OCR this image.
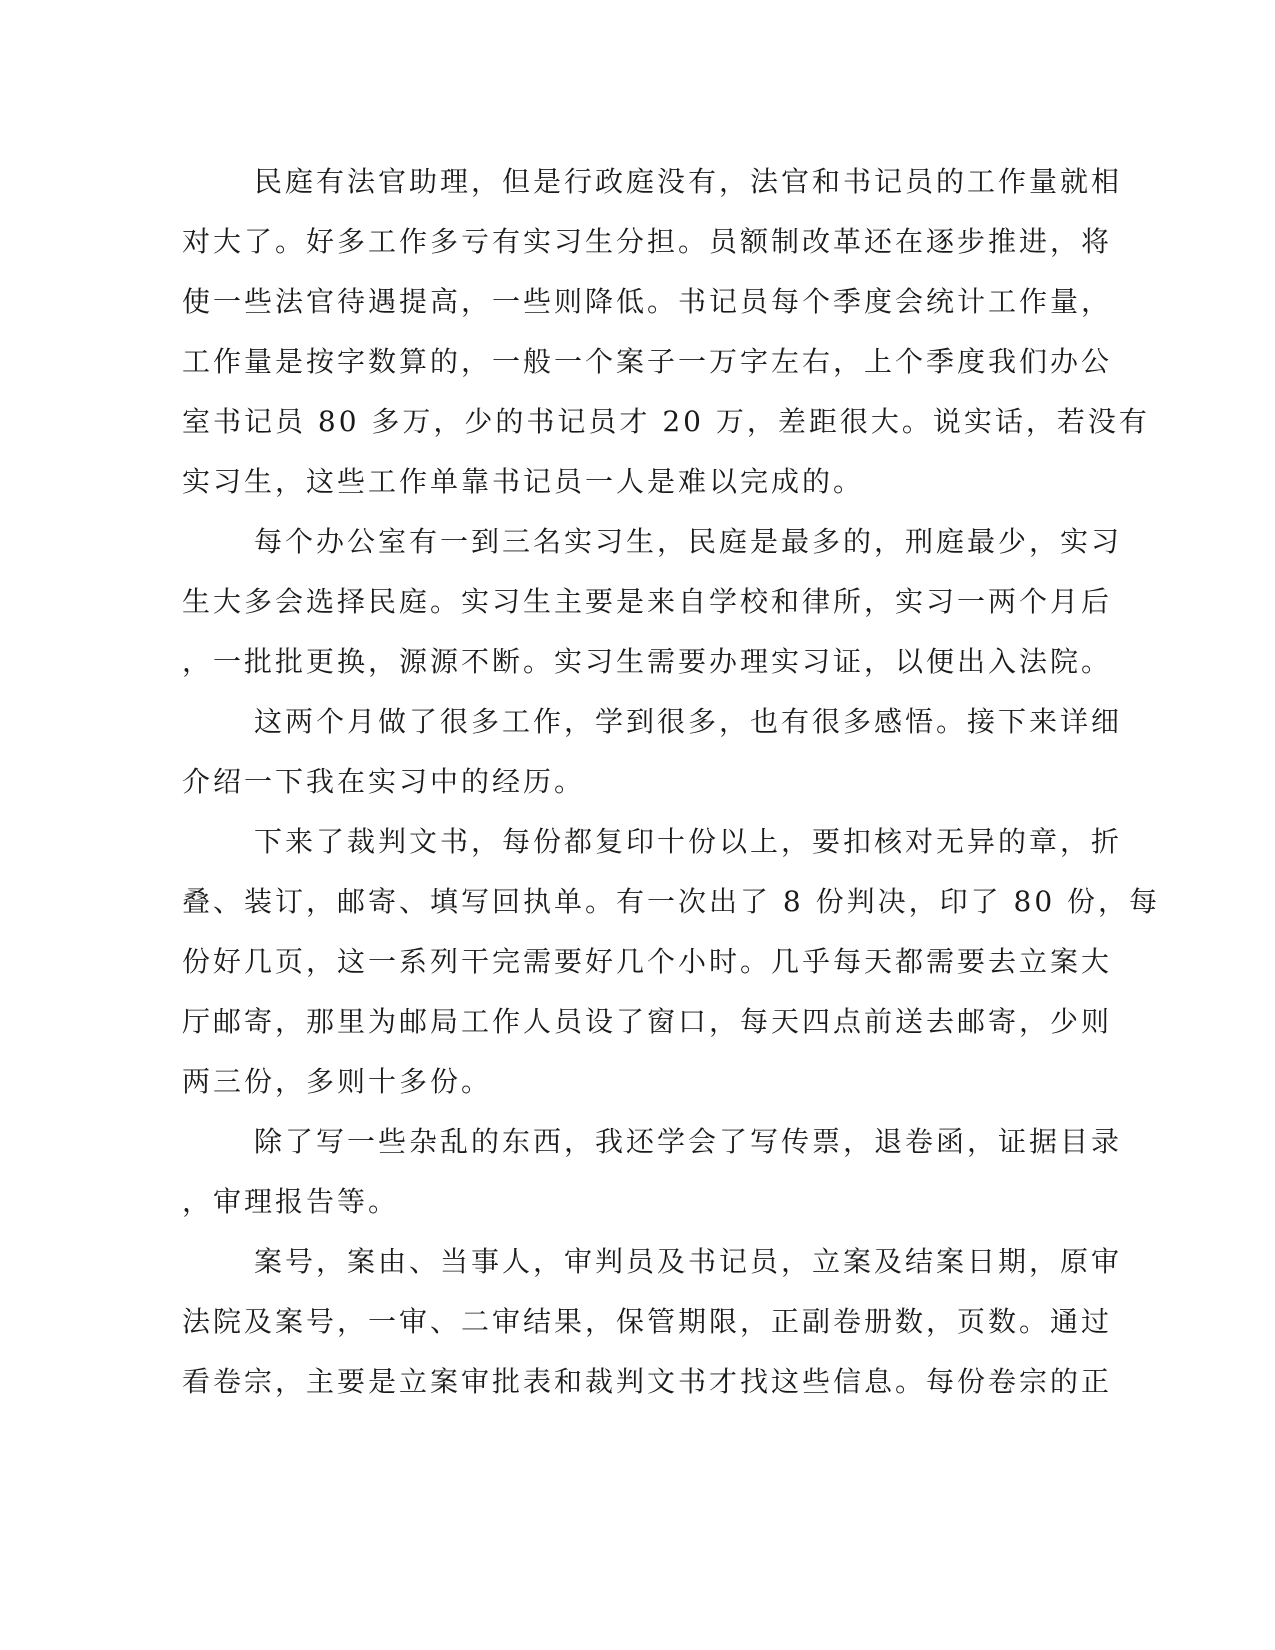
民庭有法官助理，但是行政庭没有，法官和书记员的工作量就相
对大了。好多工作多亏有实习生分担。员额制改革还在逐步推进，将
使一些法官待遇提高，一些则降低。书记员每个季度会统计工作量，
工作量是按字数算的，一般一个案子一万字左右，上个季度我们办公
室书记员 80 多万，少的书记员才 20 万，差距很大。说实话，若没有
实习生，这些工作单靠书记员一人是难以完成的。
每个办公室有一到三名实习生，民庭是最多的，刑庭最少，实习
生大多会选择民庭。实习生主要是来自学校和律所，实习一两个月后
，一批批更换，源源不断。实习生需要办理实习证，以便出入法院。
这两个月做了很多工作，学到很多，也有很多感悟。接下来详细
介绍一下我在实习中的经历。
下来了裁判文书，每份都复印十份以上，要扣核对无异的章，折
叠、装订，邮寄、填写回执单。有一次出了 8 份判决，印了 80 份，每
份好几页，这一系列干完需要好几个小时。几乎每天都需要去立案大
厅邮寄，那里为邮局工作人员设了窗口，每天四点前送去邮寄，少则
两三份，多则十多份。
除了写一些杂乱的东西，我还学会了写传票，退卷函，证据目录
，审理报告等。
案号，案由、当事人，审判员及书记员，立案及结案日期，原审
法院及案号，一审、二审结果，保管期限，正副卷册数，页数。通过
看卷宗，主要是立案审批表和裁判文书才找这些信息。每份卷宗的正
